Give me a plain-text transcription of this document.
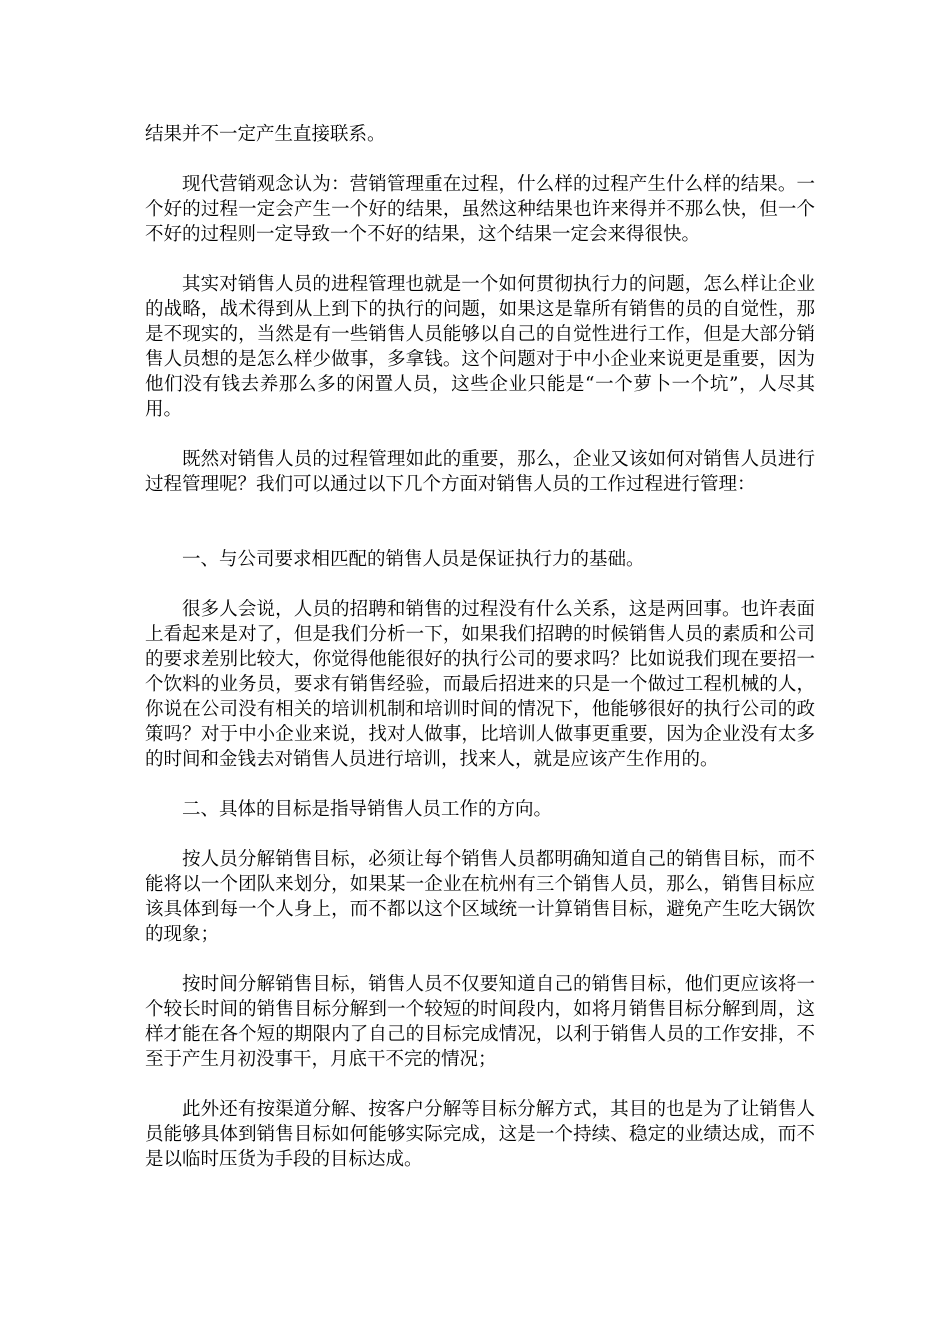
结果并不一定产生直接联系。

现代营销观念认为：营销管理重在过程，什么样的过程产生什么样的结果。一个好的过程一定会产生一个好的结果，虽然这种结果也许来得并不那么快，但一个不好的过程则一定导致一个不好的结果，这个结果一定会来得很快。

其实对销售人员的进程管理也就是一个如何贯彻执行力的问题，怎么样让企业的战略，战术得到从上到下的执行的问题，如果这是靠所有销售的员的自觉性，那是不现实的，当然是有一些销售人员能够以自己的自觉性进行工作，但是大部分销售人员想的是怎么样少做事，多拿钱。这个问题对于中小企业来说更是重要，因为他们没有钱去养那么多的闲置人员，这些企业只能是“一个萝卜一个坑”，人尽其用。

既然对销售人员的过程管理如此的重要，那么，企业又该如何对销售人员进行过程管理呢？我们可以通过以下几个方面对销售人员的工作过程进行管理：

一、与公司要求相匹配的销售人员是保证执行力的基础。

很多人会说，人员的招聘和销售的过程没有什么关系，这是两回事。也许表面上看起来是对了，但是我们分析一下，如果我们招聘的时候销售人员的素质和公司的要求差别比较大，你觉得他能很好的执行公司的要求吗？比如说我们现在要招一个饮料的业务员，要求有销售经验，而最后招进来的只是一个做过工程机械的人，你说在公司没有相关的培训机制和培训时间的情况下，他能够很好的执行公司的政策吗？对于中小企业来说，找对人做事，比培训人做事更重要，因为企业没有太多的时间和金钱去对销售人员进行培训，找来人，就是应该产生作用的。

二、具体的目标是指导销售人员工作的方向。

按人员分解销售目标，必须让每个销售人员都明确知道自己的销售目标，而不能将以一个团队来划分，如果某一企业在杭州有三个销售人员，那么，销售目标应该具体到每一个人身上，而不都以这个区域统一计算销售目标，避免产生吃大锅饮的现象；

按时间分解销售目标，销售人员不仅要知道自己的销售目标，他们更应该将一个较长时间的销售目标分解到一个较短的时间段内，如将月销售目标分解到周，这样才能在各个短的期限内了自己的目标完成情况，以利于销售人员的工作安排，不至于产生月初没事干，月底干不完的情况；

此外还有按渠道分解、按客户分解等目标分解方式，其目的也是为了让销售人员能够具体到销售目标如何能够实际完成，这是一个持续、稳定的业绩达成，而不是以临时压货为手段的目标达成。
